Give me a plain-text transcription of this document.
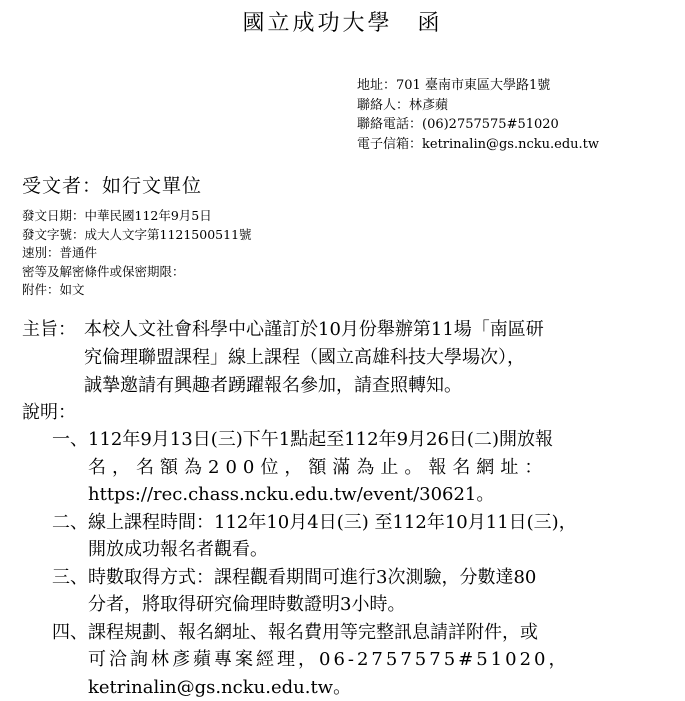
國立成功大學　函
地址：701 臺南市東區大學路1號
聯絡人：林彥蘋
聯絡電話：(06)2757575#51020
電子信箱：ketrinalin@gs.ncku.edu.tw
受文者：如行文單位
發文日期：中華民國112年9月5日
發文字號：成大人文字第1121500511號
速別：普通件
密等及解密條件或保密期限：
附件：如文
主旨： 本校人文社會科學中心謹訂於10月份舉辦第11場「南區研
究倫理聯盟課程」線上課程（國立高雄科技大學場次），
誠摯邀請有興趣者踴躍報名參加，請查照轉知。
說明：
一、 112年9月13日(三)下午1點起至112年9月26日(二)開放報
名，名額為200位，額滿為止。報名網址：
https://rec.chass.ncku.edu.tw/event/30621。
二、 線上課程時間：112年10月4日(三) 至112年10月11日(三)，
開放成功報名者觀看。
三、 時數取得方式：課程觀看期間可進行3次測驗，分數達80
分者，將取得研究倫理時數證明3小時。
四、 課程規劃、報名網址、報名費用等完整訊息請詳附件，或
可洽詢林彥蘋專案經理，06-2757575#51020，
ketrinalin@gs.ncku.edu.tw。
